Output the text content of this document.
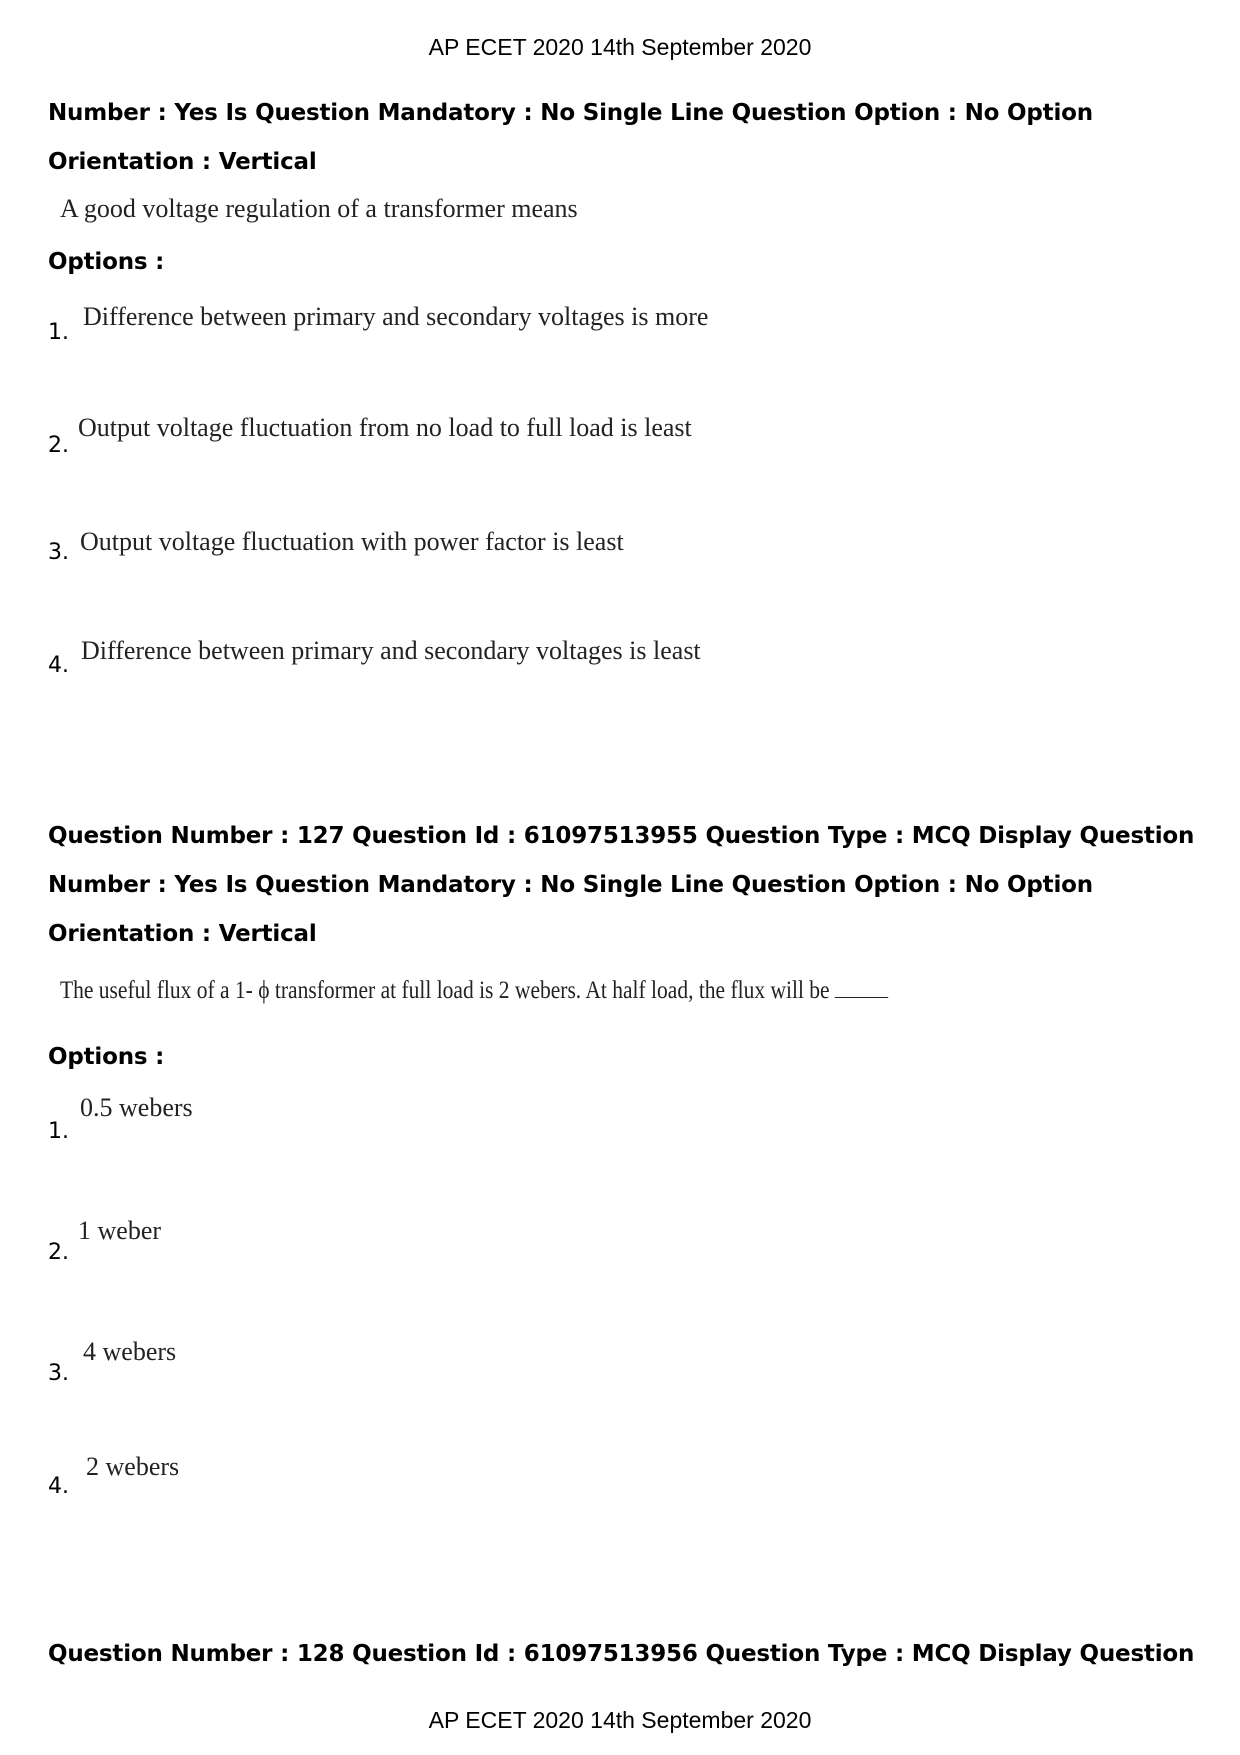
AP ECET 2020 14th September 2020
Number : Yes Is Question Mandatory : No Single Line Question Option : No Option
Orientation : Vertical
A good voltage regulation of a transformer means
Options :
1.
Difference between primary and secondary voltages is more
2.
Output voltage fluctuation from no load to full load is least
3. Output voltage fluctuation with power factor is least
4.
Difference between primary and secondary voltages is least
Question Number : 127 Question Id : 61097513955 Question Type : MCQ Display Question
Number : Yes Is Question Mandatory : No Single Line Question Option : No Option
Orientation : Vertical
The useful flux of a 1- ϕ transformer at full load is 2 webers. At half load, the flux will be
Options :
1.
0.5 webers
2.
1 weber
3.
4 webers
4.
2 webers
Question Number : 128 Question Id : 61097513956 Question Type : MCQ Display Question
AP ECET 2020 14th September 2020
